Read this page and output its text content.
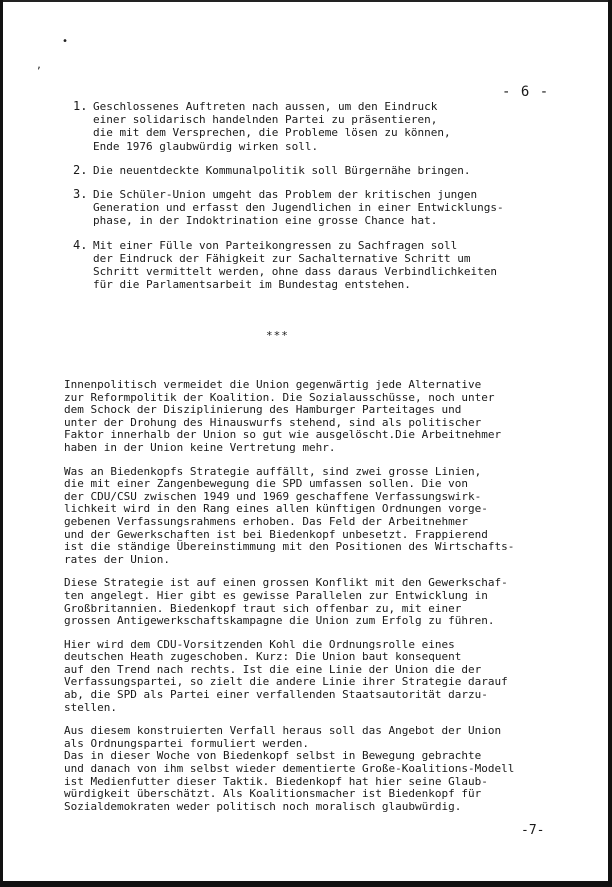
•
,
- 6 -
1. Geschlossenes Auftreten nach aussen, um den Eindruck
einer solidarisch handelnden Partei zu präsentieren,
die mit dem Versprechen, die Probleme lösen zu können,
Ende 1976 glaubwürdig wirken soll.
2. Die neuentdeckte Kommunalpolitik soll Bürgernähe bringen.
3. Die Schüler-Union umgeht das Problem der kritischen jungen
Generation und erfasst den Jugendlichen in einer Entwicklungs-
phase, in der Indoktrination eine grosse Chance hat.
4. Mit einer Fülle von Parteikongressen zu Sachfragen soll
der Eindruck der Fähigkeit zur Sachalternative Schritt um
Schritt vermittelt werden, ohne dass daraus Verbindlichkeiten
für die Parlamentsarbeit im Bundestag entstehen.
***

Innenpolitisch vermeidet die Union gegenwärtig jede Alternative
zur Reformpolitik der Koalition. Die Sozialausschüsse, noch unter
dem Schock der Disziplinierung des Hamburger Parteitages und
unter der Drohung des Hinauswurfs stehend, sind als politischer
Faktor innerhalb der Union so gut wie ausgelöscht.Die Arbeitnehmer
haben in der Union keine Vertretung mehr.

Was an Biedenkopfs Strategie auffällt, sind zwei grosse Linien,
die mit einer Zangenbewegung die SPD umfassen sollen. Die von
der CDU/CSU zwischen 1949 und 1969 geschaffene Verfassungswirk-
lichkeit wird in den Rang eines allen künftigen Ordnungen vorge-
gebenen Verfassungsrahmens erhoben. Das Feld der Arbeitnehmer
und der Gewerkschaften ist bei Biedenkopf unbesetzt. Frappierend
ist die ständige Übereinstimmung mit den Positionen des Wirtschafts-
rates der Union.

Diese Strategie ist auf einen grossen Konflikt mit den Gewerkschaf-
ten angelegt. Hier gibt es gewisse Parallelen zur Entwicklung in
Großbritannien. Biedenkopf traut sich offenbar zu, mit einer
grossen Antigewerkschaftskampagne die Union zum Erfolg zu führen.

Hier wird dem CDU-Vorsitzenden Kohl die Ordnungsrolle eines
deutschen Heath zugeschoben. Kurz: Die Union baut konsequent
auf den Trend nach rechts. Ist die eine Linie der Union die der
Verfassungspartei, so zielt die andere Linie ihrer Strategie darauf
ab, die SPD als Partei einer verfallenden Staatsautorität darzu-
stellen.

Aus diesem konstruierten Verfall heraus soll das Angebot der Union
als Ordnungspartei formuliert werden.
Das in dieser Woche von Biedenkopf selbst in Bewegung gebrachte
und danach von ihm selbst wieder dementierte Große-Koalitions-Modell
ist Medienfutter dieser Taktik. Biedenkopf hat hier seine Glaub-
würdigkeit überschätzt. Als Koalitionsmacher ist Biedenkopf für
Sozialdemokraten weder politisch noch moralisch glaubwürdig.

-7-
